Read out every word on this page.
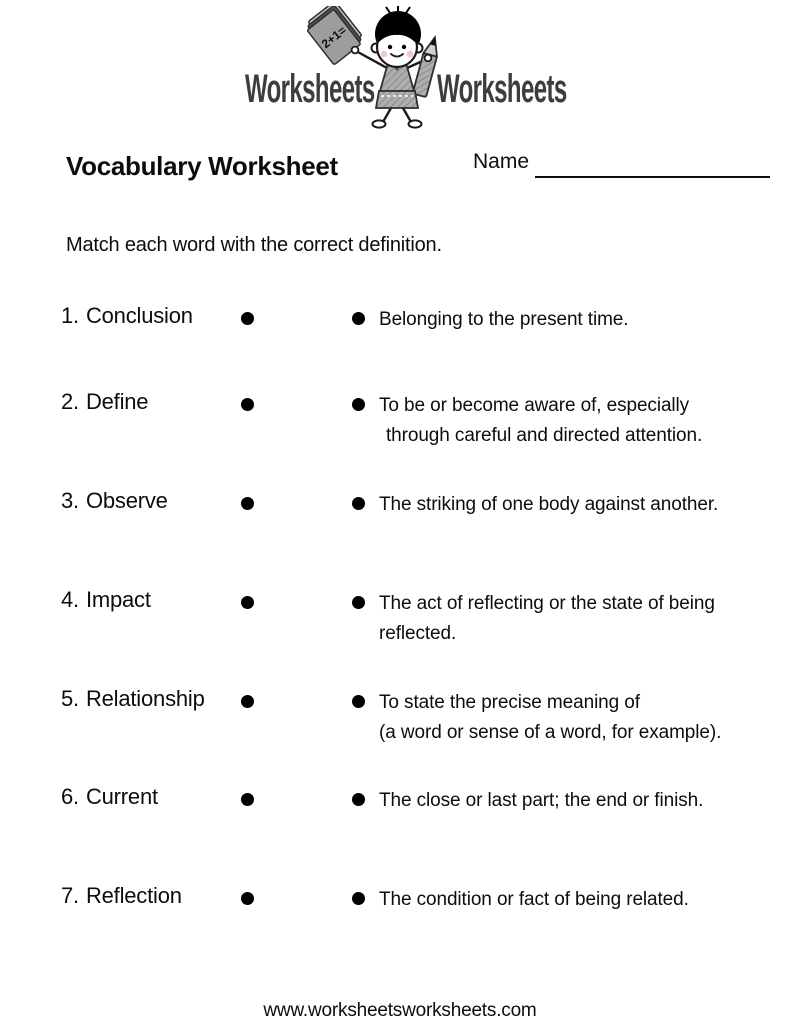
Worksheets Worksheets
2+1=
Vocabulary Worksheet	Name

Match each word with the correct definition.

1. Conclusion	Belonging to the present time.
2. Define	To be or become aware of, especially
through careful and directed attention.
3. Observe	The striking of one body against another.
4. Impact	The act of reflecting or the state of being
reflected.
5. Relationship	To state the precise meaning of
(a word or sense of a word, for example).
6. Current	The close or last part; the end or finish.
7. Reflection	The condition or fact of being related.
www.worksheetsworksheets.com
